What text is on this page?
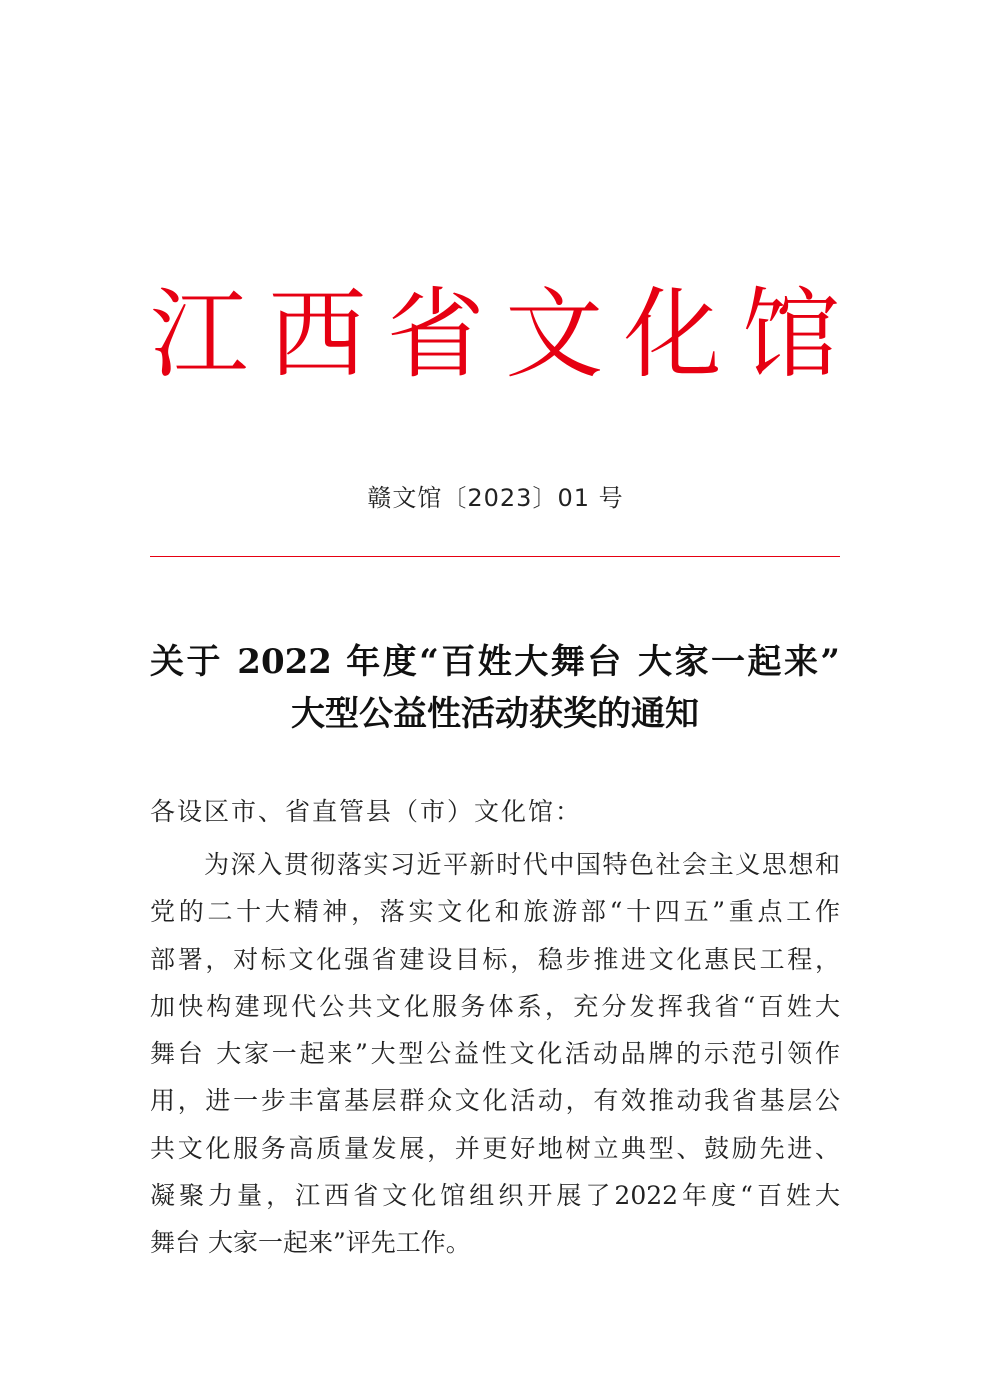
江 西 省 文 化 馆
赣文馆〔2023〕01 号
关于 2022 年度“百姓大舞台 大家一起来”
大型公益性活动获奖的通知
各设区市、省直管县（市）文化馆：
为深入贯彻落实习近平新时代中国特色社会主义思想和
党的二十大精神，落实文化和旅游部“十四五”重点工作
部署，对标文化强省建设目标，稳步推进文化惠民工程，
加快构建现代公共文化服务体系，充分发挥我省“百姓大
舞台 大家一起来”大型公益性文化活动品牌的示范引领作
用，进一步丰富基层群众文化活动，有效推动我省基层公
共文化服务高质量发展，并更好地树立典型、鼓励先进、
凝聚力量，江西省文化馆组织开展了2022年度“百姓大
舞台 大家一起来”评先工作。
